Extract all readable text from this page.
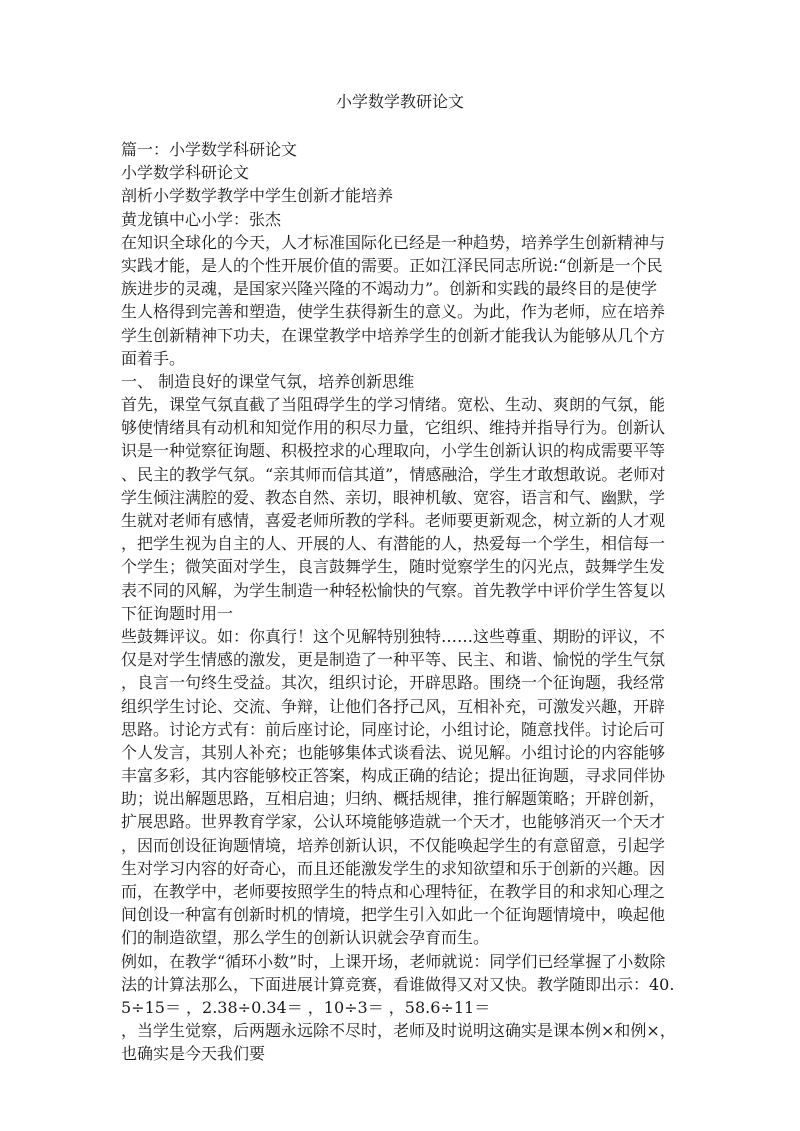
小学数学教研论文
篇一：小学数学科研论文
小学数学科研论文
剖析小学数学教学中学生创新才能培养
黄龙镇中心小学：张杰
在知识全球化的今天，人才标准国际化已经是一种趋势，培养学生创新精神与
实践才能，是人的个性开展价值的需要。正如江泽民同志所说:“创新是一个民
族进步的灵魂，是国家兴隆兴隆的不竭动力”。创新和实践的最终目的是使学
生人格得到完善和塑造，使学生获得新生的意义。为此，作为老师，应在培养
学生创新精神下功夫，在课堂教学中培养学生的创新才能我认为能够从几个方
面着手。
一、 制造良好的课堂气氛，培养创新思维
首先，课堂气氛直截了当阻碍学生的学习情绪。宽松、生动、爽朗的气氛，能
够使情绪具有动机和知觉作用的积尽力量，它组织、维持并指导行为。创新认
识是一种觉察征询题、积极控求的心理取向，小学生创新认识的构成需要平等
、民主的教学气氛。“亲其师而信其道”，情感融洽，学生才敢想敢说。老师对
学生倾注满腔的爱、教态自然、亲切，眼神机敏、宽容，语言和气、幽默，学
生就对老师有感情，喜爱老师所教的学科。老师要更新观念，树立新的人才观
，把学生视为自主的人、开展的人、有潜能的人，热爱每一个学生，相信每一
个学生；微笑面对学生，良言鼓舞学生，随时觉察学生的闪光点，鼓舞学生发
表不同的风解，为学生制造一种轻松愉快的气察。首先教学中评价学生答复以
下征询题时用一
些鼓舞评议。如：你真行！这个见解特别独特……这些尊重、期盼的评议，不
仅是对学生情感的激发，更是制造了一种平等、民主、和谐、愉悦的学生气氛
，良言一句终生受益。其次，组织讨论，开辟思路。围绕一个征询题，我经常
组织学生讨论、交流、争辩，让他们各抒己风，互相补充，可激发兴趣，开辟
思路。讨论方式有：前后座讨论，同座讨论，小组讨论，随意找伴。讨论后可
个人发言，其别人补充；也能够集体式谈看法、说见解。小组讨论的内容能够
丰富多彩，其内容能够校正答案，构成正确的结论；提出征询题，寻求同伴协
助；说出解题思路，互相启迪；归纳、概括规律，推行解题策略；开辟创新，
扩展思路。世界教育学家，公认环境能够造就一个天才，也能够消灭一个天才
，因而创设征询题情境，培养创新认识，不仅能唤起学生的有意留意，引起学
生对学习内容的好奇心，而且还能激发学生的求知欲望和乐于创新的兴趣。因
而，在教学中，老师要按照学生的特点和心理特征，在教学目的和求知心理之
间创设一种富有创新时机的情境，把学生引入如此一个征询题情境中，唤起他
们的制造欲望，那么学生的创新认识就会孕育而生。
例如，在教学“循环小数”时，上课开场，老师就说：同学们已经掌握了小数除
法的计算法那么，下面进展计算竞赛，看谁做得又对又快。教学随即出示：40.
5÷15＝ ，2.38÷0.34＝ ，10÷3＝ ，58.6÷11＝
，当学生觉察，后两题永远除不尽时，老师及时说明这确实是课本例×和例×，
也确实是今天我们要
